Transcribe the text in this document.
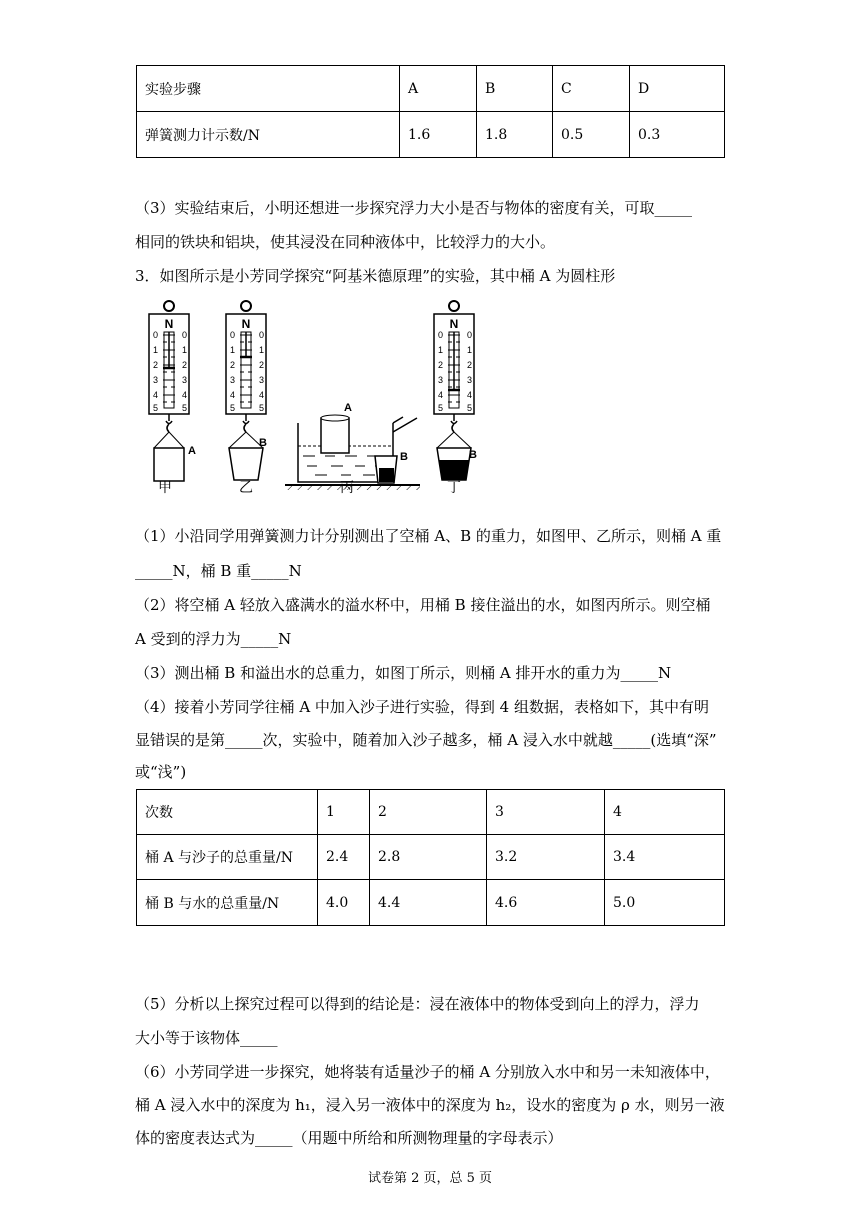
实验步骤	A	B	C	D
弹簧测力计示数/N	1.6	1.8	0.5	0.3
（3）实验结束后，小明还想进一步探究浮力大小是否与物体的密度有关，可取_____
相同的铁块和铝块，使其浸没在同种液体中，比较浮力的大小。
3．如图所示是小芳同学探究“阿基米德原理”的实验，其中桶 A 为圆柱形
N
0
1
2
3
4
5
0
1
2
3
4
5
A
N
0
1
2
3
4
5
0
1
2
3
4
5
B
A
B
N
0
1
2
3
4
5
0
1
2
3
4
5
B
甲	乙	丙	丁
（1）小沿同学用弹簧测力计分别测出了空桶 A、B 的重力，如图甲、乙所示，则桶 A 重
_____N，桶 B 重_____N
（2）将空桶 A 轻放入盛满水的溢水杯中，用桶 B 接住溢出的水，如图丙所示。则空桶
A 受到的浮力为_____N
（3）测出桶 B 和溢出水的总重力，如图丁所示，则桶 A 排开水的重力为_____N
（4）接着小芳同学往桶 A 中加入沙子进行实验，得到 4 组数据，表格如下，其中有明
显错误的是第_____次，实验中，随着加入沙子越多，桶 A 浸入水中就越_____(选填“深”
或“浅”)
次数	1	2	3	4
桶 A 与沙子的总重量/N	2.4	2.8	3.2	3.4
桶 B 与水的总重量/N	4.0	4.4	4.6	5.0
（5）分析以上探究过程可以得到的结论是：浸在液体中的物体受到向上的浮力，浮力
大小等于该物体_____
（6）小芳同学进一步探究，她将装有适量沙子的桶 A 分别放入水中和另一未知液体中，
桶 A 浸入水中的深度为 h₁，浸入另一液体中的深度为 h₂，设水的密度为 ρ 水，则另一液
体的密度表达式为_____（用题中所给和所测物理量的字母表示）
试卷第 2 页，总 5 页
